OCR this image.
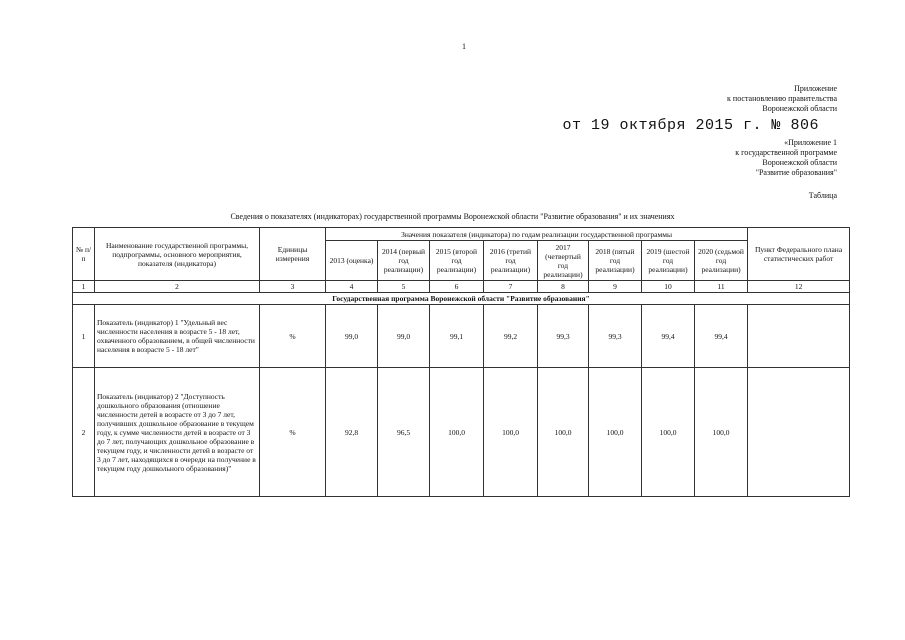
1
Приложение
к постановлению правительства
Воронежской области
от 19 октября 2015 г. № 806
«Приложение 1
к государственной программе
Воронежской области
"Развитие образования"
Таблица
Сведения о показателях (индикаторах) государственной программы Воронежской области "Развитие образования" и их значениях
№ п/п	Наименование государственной программы, подпрограммы, основного мероприятия, показателя (индикатора)	Единицы измерения	Значения показателя (индикатора) по годам реализации государственной программы								Пункт Федерального плана статистических работ
			2013 (оценка)	2014 (первый год реализации)	2015 (второй год реализации)	2016 (третий год реализации)	2017 (четвертый год реализации)	2018 (пятый год реализации)	2019 (шестой год реализации)	2020 (седьмой год реализации)	
1	2	3	4	5	6	7	8	9	10	11	12
Государственная программа Воронежской области "Развитие образования"											
1	Показатель (индикатор) 1 "Удельный вес численности населения в возрасте 5 - 18 лет, охваченного образованием, в общей численности населения в возрасте 5 - 18 лет"	%	99,0	99,0	99,1	99,2	99,3	99,3	99,4	99,4	
2	Показатель (индикатор) 2 "Доступность дошкольного образования (отношение численности детей в возрасте от 3 до 7 лет, получивших дошкольное образование в текущем году, к сумме численности детей в возрасте от 3 до 7 лет, получающих дошкольное образование в текущем году, и численности детей в возрасте от 3 до 7 лет, находящихся в очереди на получение в текущем году дошкольного образования)"	%	92,8	96,5	100,0	100,0	100,0	100,0	100,0	100,0	
